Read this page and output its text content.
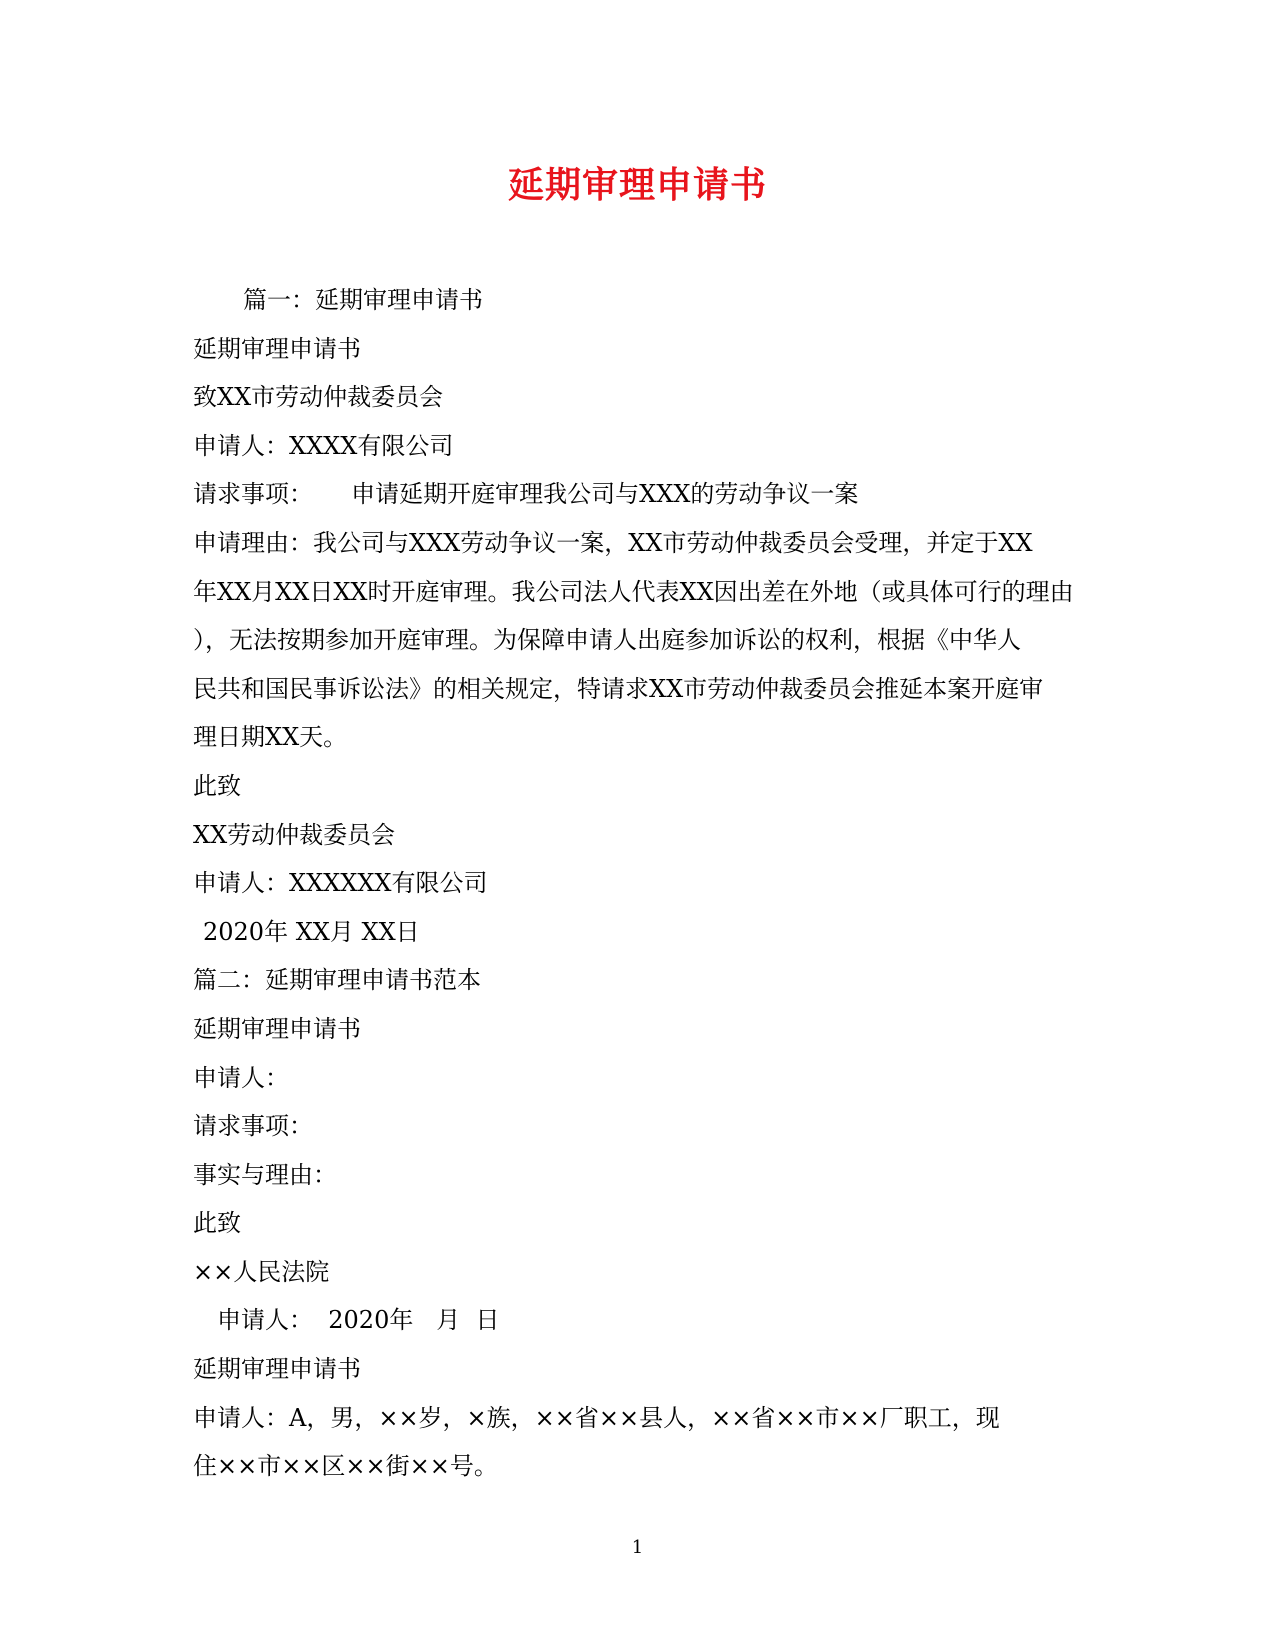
延期审理申请书
篇一：延期审理申请书
延期审理申请书
致XX市劳动仲裁委员会
申请人：XXXX有限公司
请求事项：     申请延期开庭审理我公司与XXX的劳动争议一案
申请理由：我公司与XXX劳动争议一案，XX市劳动仲裁委员会受理，并定于XX
年XX月XX日XX时开庭审理。我公司法人代表XX因出差在外地（或具体可行的理由
），无法按期参加开庭审理。为保障申请人出庭参加诉讼的权利，根据《中华人
民共和国民事诉讼法》的相关规定，特请求XX市劳动仲裁委员会推延本案开庭审
理日期XX天。
此致
XX劳动仲裁委员会
申请人：XXXXXX有限公司
2020年 XX月 XX日
篇二：延期审理申请书范本
延期审理申请书
申请人：
请求事项：
事实与理由：
此致
××人民法院
申请人：  2020年   月  日
延期审理申请书
申请人：A，男，××岁，×族，××省××县人，××省××市××厂职工，现
住××市××区××街××号。
1
